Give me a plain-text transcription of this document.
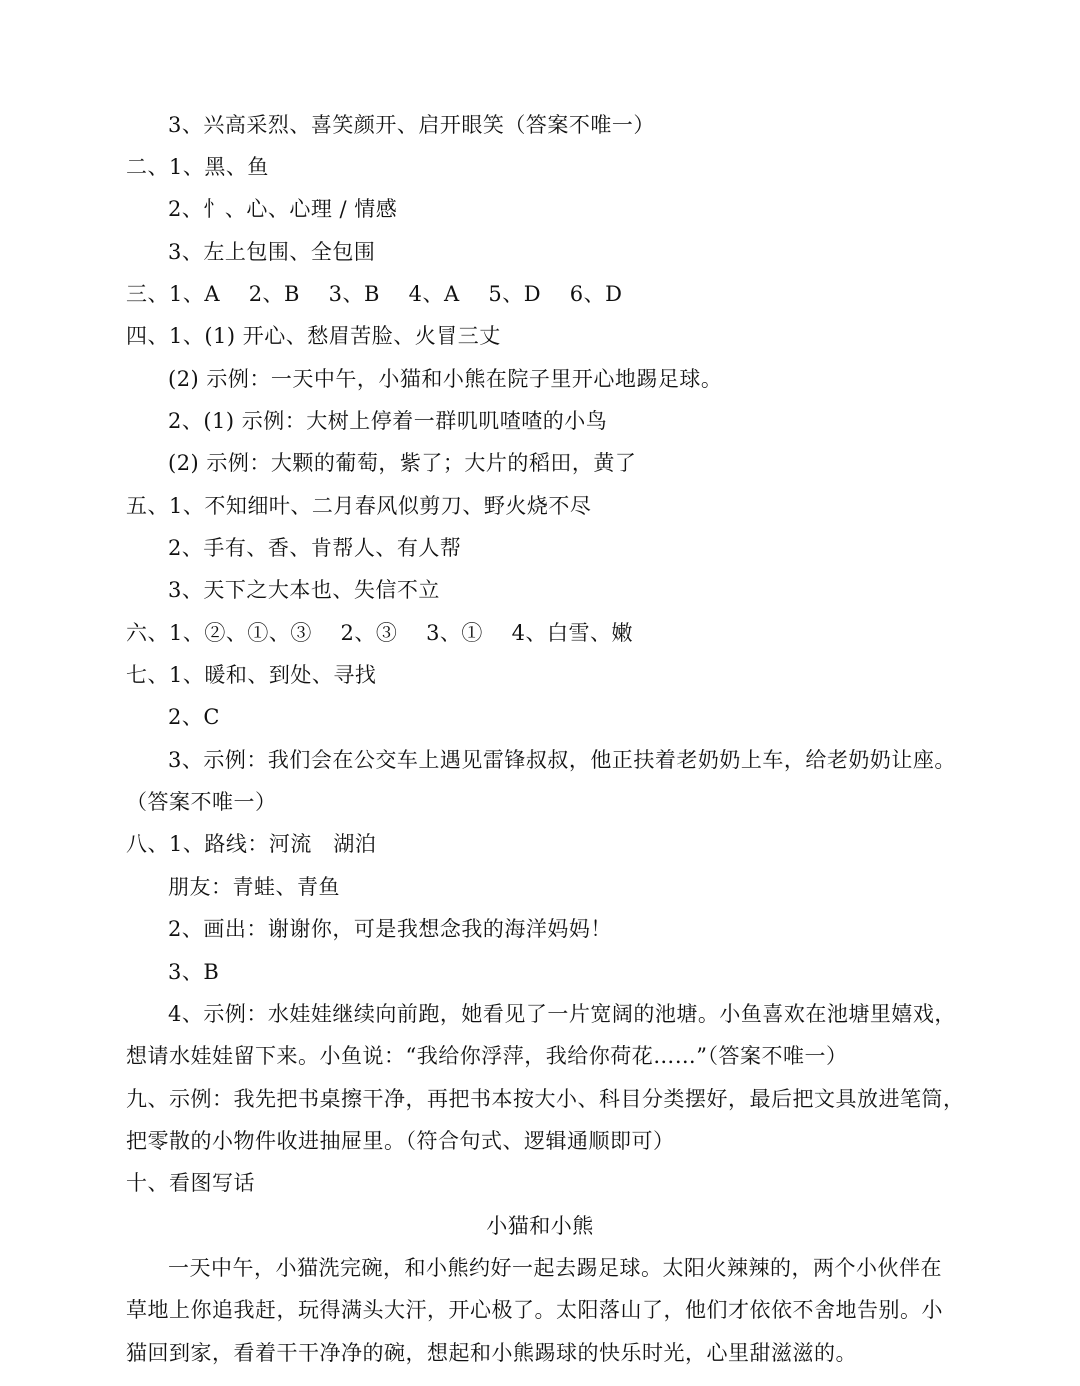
3、兴高采烈、喜笑颜开、启开眼笑（答案不唯一）
二、1、黑、鱼
2、忄、心、心理 / 情感
3、左上包围、全包围
三、1、A　 2、B　 3、B　 4、A　 5、D　 6、D
四、1、(1) 开心、愁眉苦脸、火冒三丈
(2) 示例：一天中午，小猫和小熊在院子里开心地踢足球。
2、(1) 示例：大树上停着一群叽叽喳喳的小鸟
(2) 示例：大颗的葡萄，紫了；大片的稻田，黄了
五、1、不知细叶、二月春风似剪刀、野火烧不尽
2、手有、香、肯帮人、有人帮
3、天下之大本也、失信不立
六、1、②、①、③　 2、③　 3、①　 4、白雪、嫩
七、1、暖和、到处、寻找
2、C
3、示例：我们会在公交车上遇见雷锋叔叔，他正扶着老奶奶上车，给老奶奶让座。
（答案不唯一）
八、1、路线：河流　湖泊
朋友：青蛙、青鱼
2、画出：谢谢你，可是我想念我的海洋妈妈！
3、B
4、示例：水娃娃继续向前跑，她看见了一片宽阔的池塘。小鱼喜欢在池塘里嬉戏，
想请水娃娃留下来。小鱼说：“我给你浮萍，我给你荷花……”（答案不唯一）
九、示例：我先把书桌擦干净，再把书本按大小、科目分类摆好，最后把文具放进笔筒，
把零散的小物件收进抽屉里。（符合句式、逻辑通顺即可）
十、看图写话
小猫和小熊
一天中午，小猫洗完碗，和小熊约好一起去踢足球。太阳火辣辣的，两个小伙伴在
草地上你追我赶，玩得满头大汗，开心极了。太阳落山了，他们才依依不舍地告别。小
猫回到家，看着干干净净的碗，想起和小熊踢球的快乐时光，心里甜滋滋的。
